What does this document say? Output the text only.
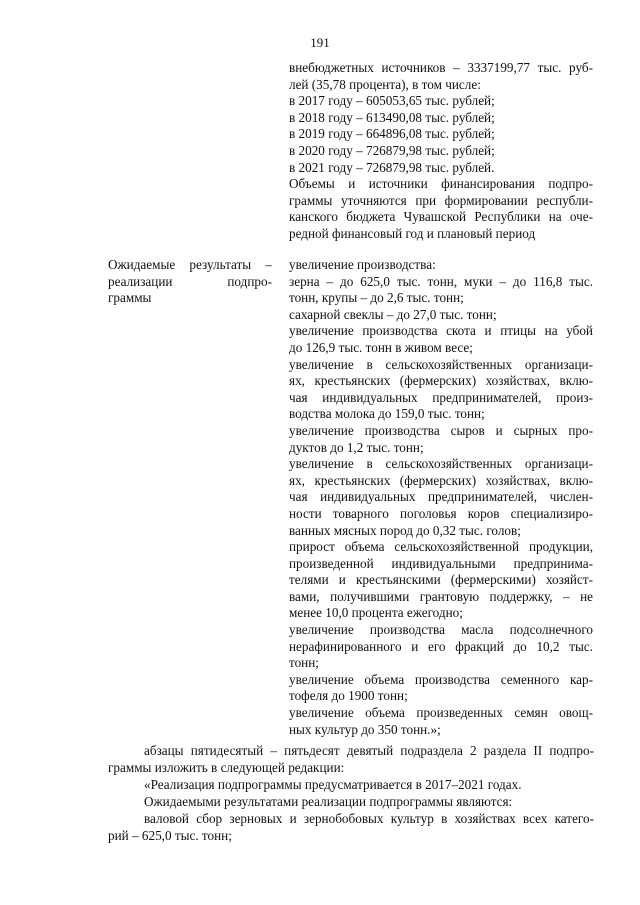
191
внебюджетных источников – 3337199,77 тыс. руб-
лей (35,78 процента), в том числе:
в 2017 году – 605053,65 тыс. рублей;
в 2018 году – 613490,08 тыс. рублей;
в 2019 году – 664896,08 тыс. рублей;
в 2020 году – 726879,98 тыс. рублей;
в 2021 году – 726879,98 тыс. рублей.
Объемы и источники финансирования подпро-
граммы уточняются при формировании республи-
канского бюджета Чувашской Республики на оче-
редной финансовый год и плановый период
Ожидаемые результаты –
реализации подпро-
граммы
увеличение производства:
зерна – до 625,0 тыс. тонн, муки – до 116,8 тыс.
тонн, крупы – до 2,6 тыс. тонн;
сахарной свеклы – до 27,0 тыс. тонн;
увеличение производства скота и птицы на убой
до 126,9 тыс. тонн в живом весе;
увеличение в сельскохозяйственных организаци-
ях, крестьянских (фермерских) хозяйствах, вклю-
чая индивидуальных предпринимателей, произ-
водства молока до 159,0 тыс. тонн;
увеличение производства сыров и сырных про-
дуктов до 1,2 тыс. тонн;
увеличение в сельскохозяйственных организаци-
ях, крестьянских (фермерских) хозяйствах, вклю-
чая индивидуальных предпринимателей, числен-
ности товарного поголовья коров специализиро-
ванных мясных пород до 0,32 тыс. голов;
прирост объема сельскохозяйственной продукции,
произведенной индивидуальными предпринима-
телями и крестьянскими (фермерскими) хозяйст-
вами, получившими грантовую поддержку, – не
менее 10,0 процента ежегодно;
увеличение производства масла подсолнечного
нерафинированного и его фракций до 10,2 тыс.
тонн;
увеличение объема производства семенного кар-
тофеля до 1900 тонн;
увеличение объема произведенных семян овощ-
ных культур до 350 тонн.»;
абзацы пятидесятый – пятьдесят девятый подраздела 2 раздела II подпро-
граммы изложить в следующей редакции:
«Реализация подпрограммы предусматривается в 2017–2021 годах.
Ожидаемыми результатами реализации подпрограммы являются:
валовой сбор зерновых и зернобобовых культур в хозяйствах всех катего-
рий – 625,0 тыс. тонн;
